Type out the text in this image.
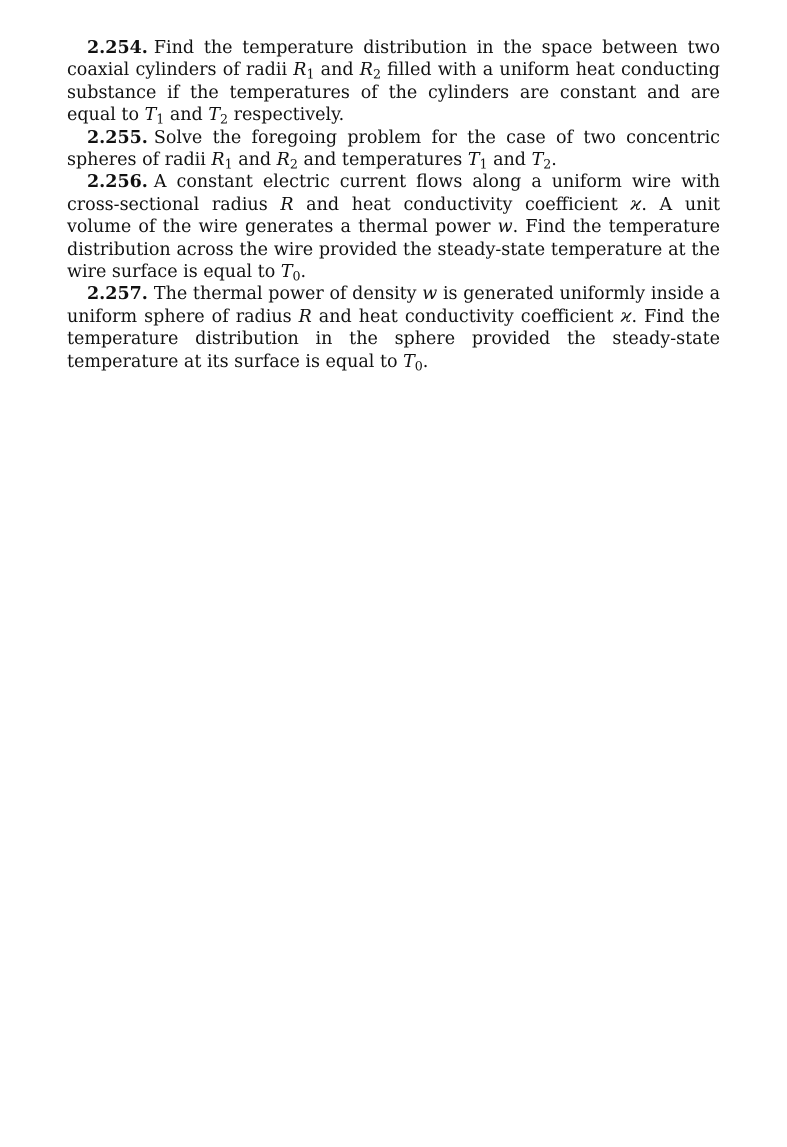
2.254. Find the temperature distribution in the space between two coaxial cylinders of radii $R_1$ and $R_2$ filled with a uniform heat conducting substance if the temperatures of the cylinders are constant and are equal to $T_1$ and $T_2$ respectively.

2.255. Solve the foregoing problem for the case of two concentric spheres of radii $R_1$ and $R_2$ and temperatures $T_1$ and $T_2$.

2.256. A constant electric current flows along a uniform wire with cross-sectional radius R and heat conductivity coefficient ϰ. A unit volume of the wire generates a thermal power w. Find the temperature distribution across the wire provided the steady-state temperature at the wire surface is equal to $T_0$.

2.257. The thermal power of density w is generated uniformly inside a uniform sphere of radius R and heat conductivity coefficient ϰ. Find the temperature distribution in the sphere provided the steady-state temperature at its surface is equal to $T_0$.
